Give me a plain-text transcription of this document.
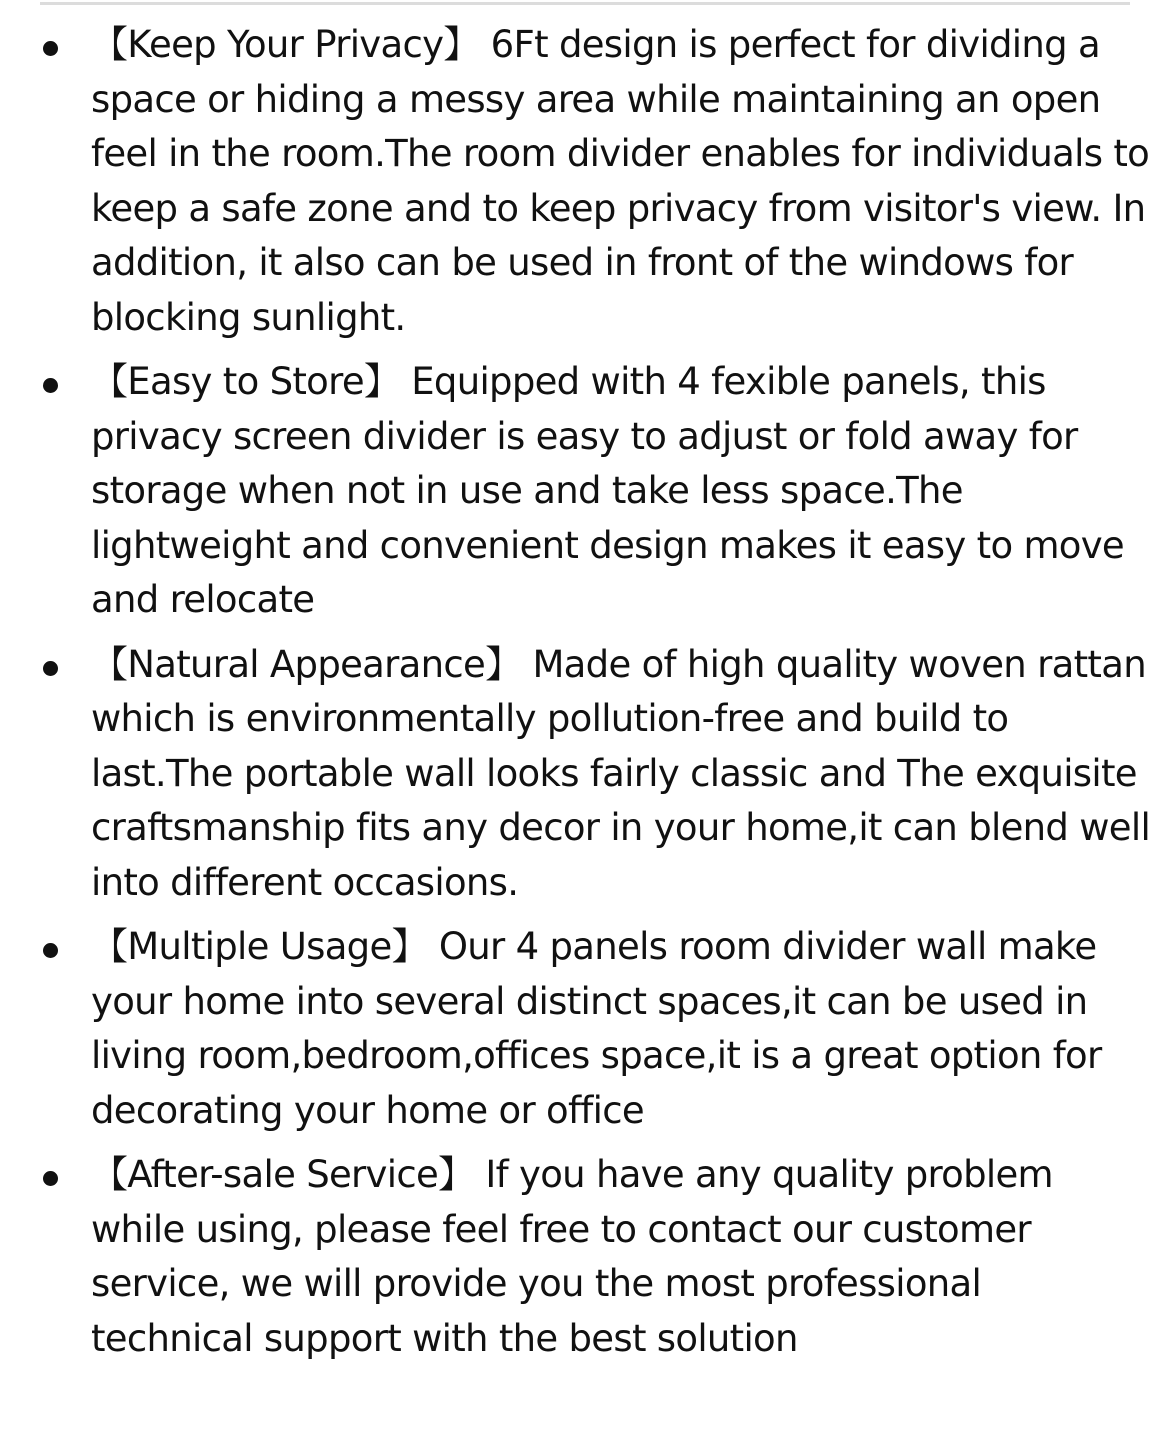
【Keep Your Privacy】 6Ft design is perfect for dividing a space or hiding a messy area while maintaining an open feel in the room.The room divider enables for individuals to keep a safe zone and to keep privacy from visitor's view. In addition, it also can be used in front of the windows for blocking sunlight.
【Easy to Store】 Equipped with 4 fexible panels, this privacy screen divider is easy to adjust or fold away for storage when not in use and take less space.The lightweight and convenient design makes it easy to move and relocate
【Natural Appearance】 Made of high quality woven rattan which is environmentally pollution-free and build to last.The portable wall looks fairly classic and The exquisite craftsmanship fits any decor in your home,it can blend well into different occasions.
【Multiple Usage】 Our 4 panels room divider wall make your home into several distinct spaces,it can be used in living room,bedroom,offices space,it is a great option for decorating your home or office
【After-sale Service】 If you have any quality problem while using, please feel free to contact our customer service, we will provide you the most professional technical support with the best solution
